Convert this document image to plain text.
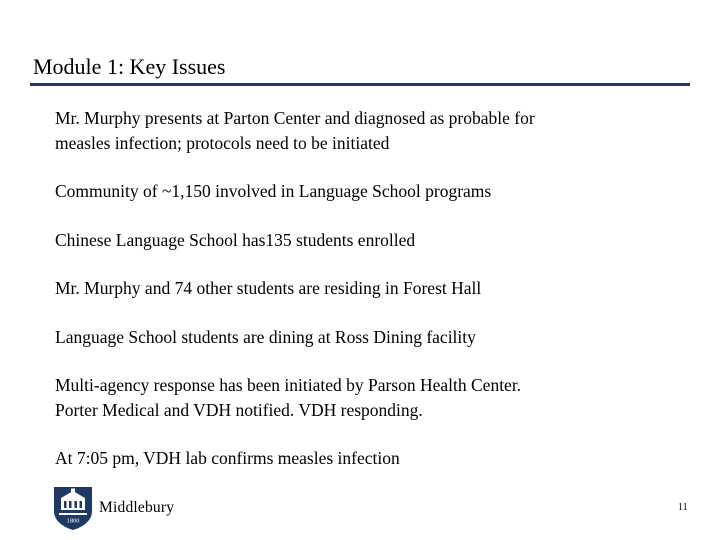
Module 1: Key Issues
Mr. Murphy presents at Parton Center and diagnosed as probable for
measles infection; protocols need to be initiated
Community of ~1,150 involved in Language School programs
Chinese Language School has135 students enrolled
Mr. Murphy and 74 other students are residing in Forest Hall
Language School students are dining at Ross Dining facility
Multi-agency response has been initiated by Parson Health Center.
Porter Medical and VDH notified. VDH responding.
At 7:05 pm, VDH lab confirms measles infection
1800
Middlebury	11
